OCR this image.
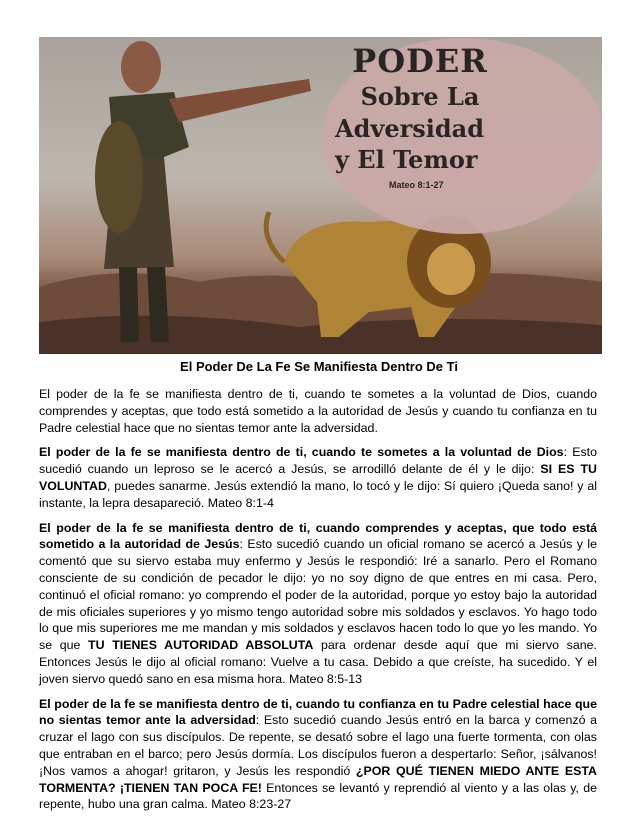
PODER
Sobre La
Adversidad
y El Temor
Mateo 8:1-27
El Poder De La Fe Se Manifiesta Dentro De Ti

El poder de la fe se manifiesta dentro de ti, cuando te sometes a la voluntad de Dios, cuando comprendes y aceptas, que todo está sometido a la autoridad de Jesús y cuando tu confianza en tu Padre celestial hace que no sientas temor ante la adversidad.

El poder de la fe se manifiesta dentro de ti, cuando te sometes a la voluntad de Dios: Esto sucedió cuando un leproso se le acercó a Jesús, se arrodilló delante de él y le dijo: SI ES TU VOLUNTAD, puedes sanarme. Jesús extendió la mano, lo tocó y le dijo: Sí quiero ¡Queda sano! y al instante, la lepra desapareció. Mateo 8:1-4

El poder de la fe se manifiesta dentro de ti, cuando comprendes y aceptas, que todo está sometido a la autoridad de Jesús: Esto sucedió cuando un oficial romano se acercó a Jesús y le comentó que su siervo estaba muy enfermo y Jesús le respondió: Iré a sanarlo. Pero el Romano consciente de su condición de pecador le dijo: yo no soy digno de que entres en mi casa. Pero, continuó el oficial romano: yo comprendo el poder de la autoridad, porque yo estoy bajo la autoridad de mis oficiales superiores y yo mismo tengo autoridad sobre mis soldados y esclavos. Yo hago todo lo que mis superiores me me mandan y mis soldados y esclavos hacen todo lo que yo les mando. Yo se que TU TIENES AUTORIDAD ABSOLUTA para ordenar desde aquí que mi siervo sane. Entonces Jesús le dijo al oficial romano: Vuelve a tu casa. Debido a que creíste, ha sucedido. Y el joven siervo quedó sano en esa misma hora. Mateo 8:5-13

El poder de la fe se manifiesta dentro de ti, cuando tu confianza en tu Padre celestial hace que no sientas temor ante la adversidad: Esto sucedió cuando Jesús entró en la barca y comenzó a cruzar el lago con sus discípulos. De repente, se desató sobre el lago una fuerte tormenta, con olas que entraban en el barco; pero Jesús dormía. Los discípulos fueron a despertarlo: Señor, ¡sálvanos! ¡Nos vamos a ahogar! gritaron, y Jesús les respondió ¿POR QUÉ TIENEN MIEDO ANTE ESTA TORMENTA? ¡TIENEN TAN POCA FE! Entonces se levantó y reprendió al viento y a las olas y, de repente, hubo una gran calma. Mateo 8:23-27
